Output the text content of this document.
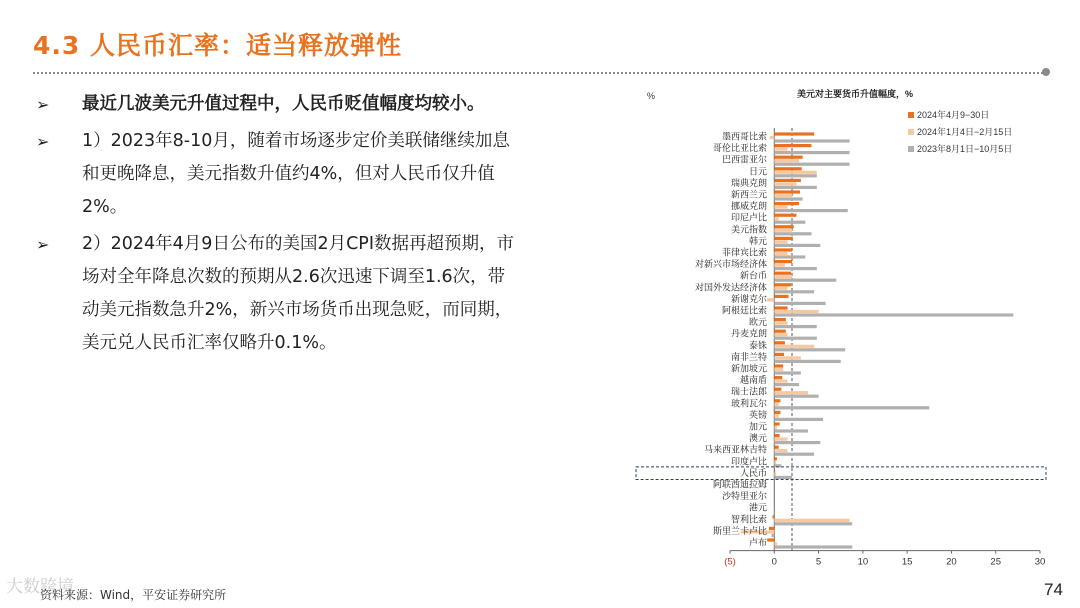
4.3 人民币汇率：适当释放弹性
➢	最近几波美元升值过程中，人民币贬值幅度均较小。
➢	1）2023年8-10月，随着市场逐步定价美联储继续加息和更晚降息，美元指数升值约4%，但对人民币仅升值2%。
➢	2）2024年4月9日公布的美国2月CPI数据再超预期，市场对全年降息次数的预期从2.6次迅速下调至1.6次，带动美元指数急升2%，新兴市场货币出现急贬，而同期，美元兑人民币汇率仅略升0.1%。
%	美元对主要货币升值幅度，%
2024年4月9−30日
2024年1月4日−2月15日
2023年8月1日−10月5日
(5)	0	5	10	15	20	25	30
墨西哥比索
哥伦比亚比索
巴西雷亚尔
日元
瑞典克朗
新西兰元
挪威克朗
印尼卢比
美元指数
韩元
菲律宾比索
对新兴市场经济体
新台币
对国外发达经济体
新谢克尔
阿根廷比索
欧元
丹麦克朗
泰铢
南非兰特
新加坡元
越南盾
瑞士法郎
玻利瓦尔
英镑
加元
澳元
马来西亚林吉特
印度卢比
人民币
阿联酋迪拉姆
沙特里亚尔
港元
智利比索
斯里兰卡卢比
卢布
大数跨境
资料来源：Wind，平安证券研究所	74
